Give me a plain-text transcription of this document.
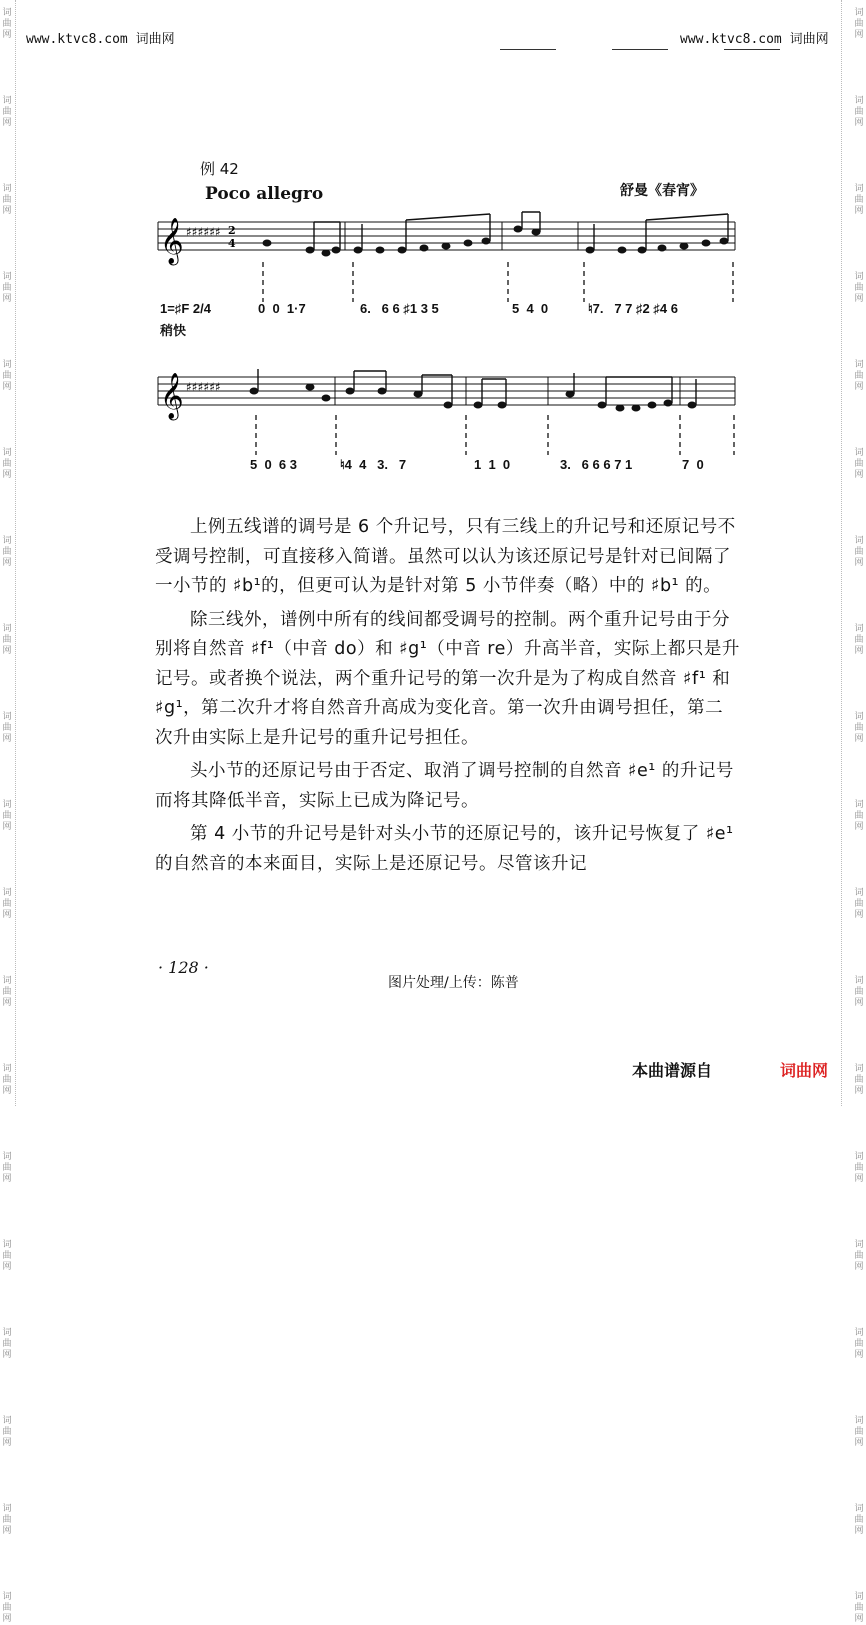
词
曲
网
词
曲
网
词
曲
网
词
曲
网
词
曲
网
词
曲
网
词
曲
网
词
曲
网
词
曲
网
词
曲
网
词
曲
网
词
曲
网
词
曲
网
词
曲
网
词
曲
网
词
曲
网
词
曲
网
词
曲
网
词
曲
网
词
曲
网
词
曲
网
词
曲
网
词
曲
网
词
曲
网
词
曲
网
词
曲
网
词
曲
网
词
曲
网
词
曲
网
词
曲
网
词
曲
网
词
曲
网
词
曲
网
词
曲
网
词
曲
网
词
曲
网
词
曲
网
词
曲
网
www.ktvc8.com 词曲网	www.ktvc8.com 词曲网
例 42
Poco allegro	舒曼《春宵》
𝄞 ♯♯♯♯♯♯ 2
4
1=♯F 2/4
稍快
0  0  1·7	6.   6 6 ♯1 3 5	5  4  0	♮7.   7 7 ♯2 ♯4 6
𝄞 ♯♯♯♯♯♯
5  0  6 3	♮4  4   3.   7	1  1  0	3.   6 6 6 7 1	7  0

上例五线谱的调号是 6 个升记号，只有三线上的升记号和还原记号不受调号控制，可直接移入简谱。虽然可以认为该还原记号是针对已间隔了一小节的 ♯b¹的，但更可认为是针对第 5 小节伴奏（略）中的 ♯b¹ 的。

除三线外，谱例中所有的线间都受调号的控制。两个重升记号由于分别将自然音 ♯f¹（中音 do）和 ♯g¹（中音 re）升高半音，实际上都只是升记号。或者换个说法，两个重升记号的第一次升是为了构成自然音 ♯f¹ 和 ♯g¹，第二次升才将自然音升高成为变化音。第一次升由调号担任，第二次升由实际上是升记号的重升记号担任。

头小节的还原记号由于否定、取消了调号控制的自然音 ♯e¹ 的升记号而将其降低半音，实际上已成为降记号。

第 4 小节的升记号是针对头小节的还原记号的，该升记号恢复了 ♯e¹ 的自然音的本来面目，实际上是还原记号。尽管该升记

· 128 ·
图片处理/上传：陈普
本曲谱源自	词曲网
